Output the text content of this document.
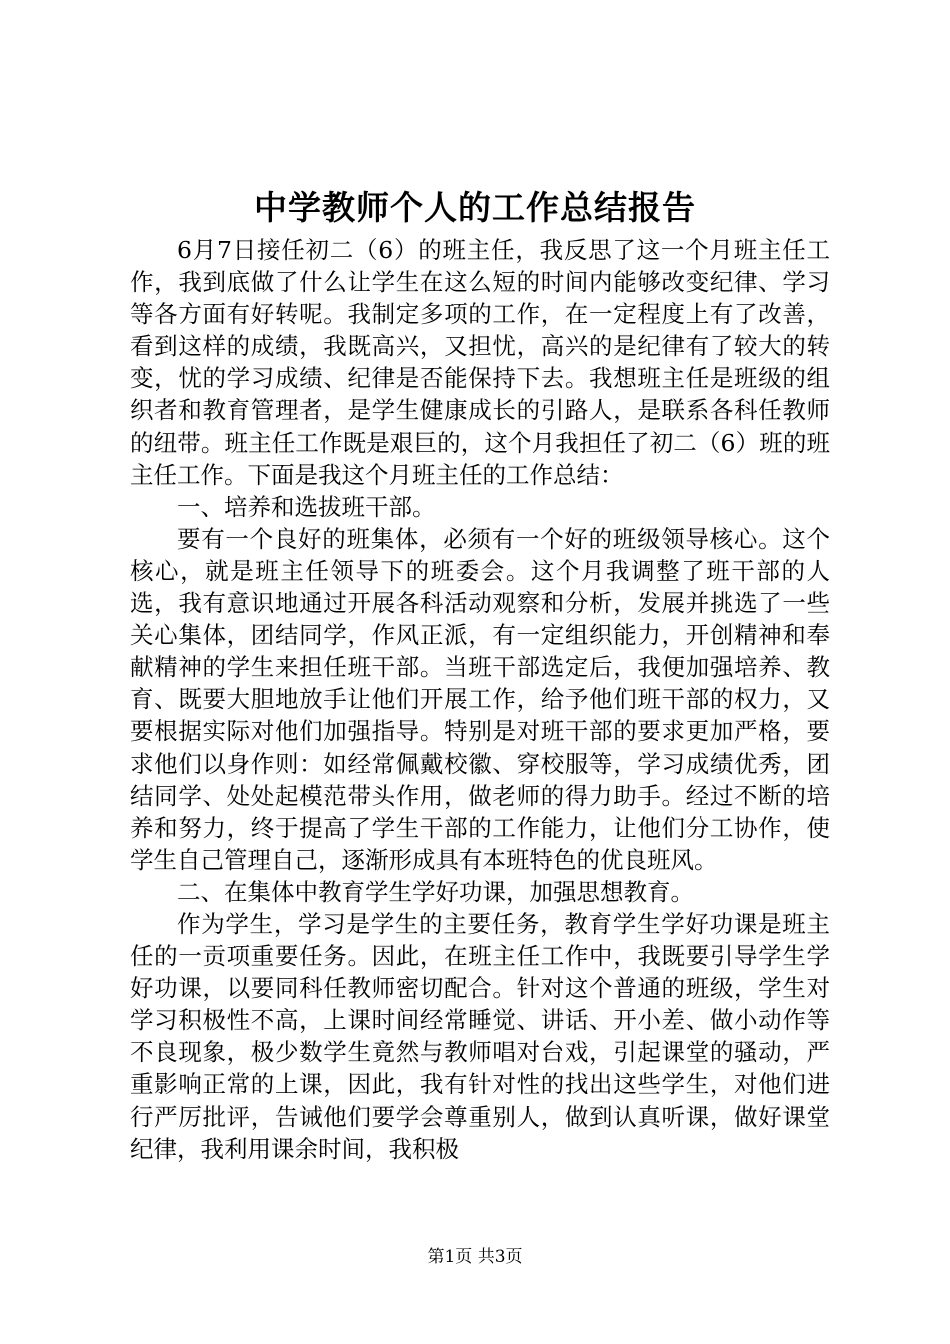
中学教师个人的工作总结报告

6月7日接任初二（6）的班主任，我反思了这一个月班主任工作，我到底做了什么让学生在这么短的时间内能够改变纪律、学习等各方面有好转呢。我制定多项的工作，在一定程度上有了改善，看到这样的成绩，我既高兴，又担忧，高兴的是纪律有了较大的转变，忧的学习成绩、纪律是否能保持下去。我想班主任是班级的组织者和教育管理者，是学生健康成长的引路人，是联系各科任教师的纽带。班主任工作既是艰巨的，这个月我担任了初二（6）班的班主任工作。下面是我这个月班主任的工作总结：

一、培养和选拔班干部。

要有一个良好的班集体，必须有一个好的班级领导核心。这个核心，就是班主任领导下的班委会。这个月我调整了班干部的人选，我有意识地通过开展各科活动观察和分析，发展并挑选了一些关心集体，团结同学，作风正派，有一定组织能力，开创精神和奉献精神的学生来担任班干部。当班干部选定后，我便加强培养、教育、既要大胆地放手让他们开展工作，给予他们班干部的权力，又要根据实际对他们加强指导。特别是对班干部的要求更加严格，要求他们以身作则：如经常佩戴校徽、穿校服等，学习成绩优秀，团结同学、处处起模范带头作用，做老师的得力助手。经过不断的培养和努力，终于提高了学生干部的工作能力，让他们分工协作，使学生自己管理自己，逐渐形成具有本班特色的优良班风。

二、在集体中教育学生学好功课，加强思想教育。

作为学生，学习是学生的主要任务，教育学生学好功课是班主任的一贡项重要任务。因此，在班主任工作中，我既要引导学生学好功课，以要同科任教师密切配合。针对这个普通的班级，学生对学习积极性不高，上课时间经常睡觉、讲话、开小差、做小动作等不良现象，极少数学生竟然与教师唱对台戏，引起课堂的骚动，严重影响正常的上课，因此，我有针对性的找出这些学生，对他们进行严厉批评，告诫他们要学会尊重别人，做到认真听课，做好课堂纪律，我利用课余时间，我积极

第1页 共3页
